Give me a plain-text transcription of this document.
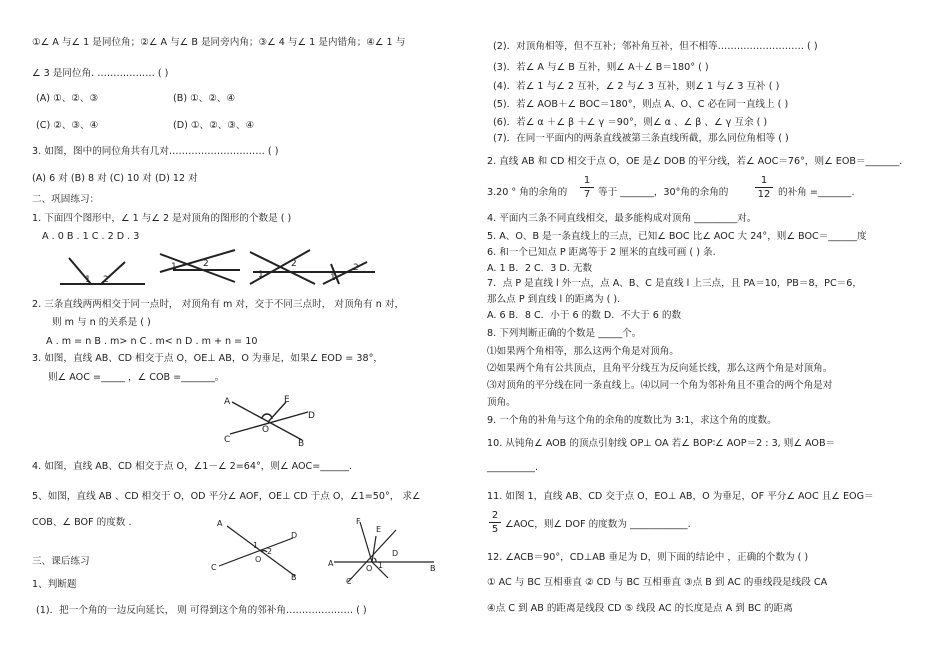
①∠ A 与∠ 1 是同位角；②∠ A 与∠ B 是同旁内角；③∠ 4 与∠ 1 是内错角；④∠ 1 与
∠ 3 是同位角. ……………… ( )
(A) ①、②、③	(B) ①、②、④
(C) ②、③、④	(D) ①、②、③、④
3. 如图，图中的同位角共有几对………………………… ( )
(A) 6 对 (B) 8 对 (C) 10 对 (D) 12 对
二、巩固练习：
1. 下面四个图形中，∠ 1 与∠ 2 是对顶角的图形的个数是 ( )
A . 0 B . 1 C . 2 D . 3
1 2
1	2
1
2
1
2
2. 三条直线两两相交于同一点时， 对顶角有 m 对，交于不同三点时， 对顶角有 n 对，
则 m 与 n 的关系是 ( )
A . m = n B . m> n C . m< n D . m + n = 10
3. 如图，直线 AB、CD 相交于点 O，OE⊥ AB，O 为垂足，如果∠ EOD = 38°，
则∠ AOC =_____ ，∠ COB =_______。
A	E
D
O
C	B
4. 如图，直线 AB、CD 相交于点 O，∠1－∠ 2=64°，则∠ AOC=______.
5、如图，直线 AB 、CD 相交于 O，OD 平分∠ AOF，OE⊥ CD 于点 O，∠1=50°， 求∠
COB、∠ BOF 的度数 .	A
D
1
2
O
C
B
F
E
D
A
O 1	B
C
三、课后练习
1、判断题
(1)．把一个角的一边反向延长， 则 可得到这个角的邻补角………………… ( )
(2)．对顶角相等，但不互补；邻补角互补，但不相等……………………… ( )
(3)．若∠ A 与∠ B 互补，则∠ A＋∠ B＝180° ( )
(4)．若∠ 1 与∠ 2 互补，∠ 2 与∠ 3 互补，则∠ 1 与∠ 3 互补 ( )
(5)．若∠ AOB＋∠ BOC＝180°，则点 A、O、C 必在同一直线上 ( )
(6)．若∠ α ＋∠ β ＋∠ γ ＝90°，则∠ α 、∠ β 、∠ γ 互余 ( )
(7)．在同一平面内的两条直线被第三条直线所截，那么同位角相等 ( )
2. 直线 AB 和 CD 相交于点 O，OE 是∠ DOB 的平分线，若∠ AOC＝76°，则∠ EOB＝_______.
3.20 ° 角的余角的
1
7 等于 _______，30°角的余角的
1
12 的补角 =_______.
4. 平面内三条不同直线相交，最多能构成对顶角 _________对。
5. A、O、B 是一条直线上的三点，已知∠ BOC 比∠ AOC 大 24°，则∠ BOC＝______度
6. 和一个已知点 P 距离等于 2 厘米的直线可画 ( ) 条.
A. 1 B．2 C．3 D. 无数
7．点 P 是直线 l 外一点，点 A、B、C 是直线 l 上三点，且 PA＝10，PB＝8，PC＝6，
那么点 P 到直线 l 的距离为 ( ).
A. 6 B．8 C．小于 6 的数 D．不大于 6 的数
8. 下列判断正确的个数是 _____个。
⑴如果两个角相等，那么这两个角是对顶角。
⑵如果两个角有公共顶点，且角平分线互为反向延长线，那么这两个角是对顶角。
⑶对顶角的平分线在同一条直线上。⑷以同一个角为邻补角且不重合的两个角是对
顶角。
9. 一个角的补角与这个角的余角的度数比为 3:1，求这个角的度数。
10. 从钝角∠ AOB 的顶点引射线 OP⊥ OA 若∠ BOP∶∠ AOP＝2 : 3, 则∠ AOB＝
__________.
11. 如图 1，直线 AB、CD 交于点 O，EO⊥ AB，O 为垂足，OF 平分∠ AOC 且∠ EOG＝
2
5 ∠AOC，则∠ DOF 的度数为 ____________.
12. ∠ACB＝90°，CD⊥AB 垂足为 D，则下面的结论中 ，正确的个数为 ( )
① AC 与 BC 互相垂直 ② CD 与 BC 互相垂直 ③点 B 到 AC 的垂线段是线段 CA
④点 C 到 AB 的距离是线段 CD ⑤ 线段 AC 的长度是点 A 到 BC 的距离
